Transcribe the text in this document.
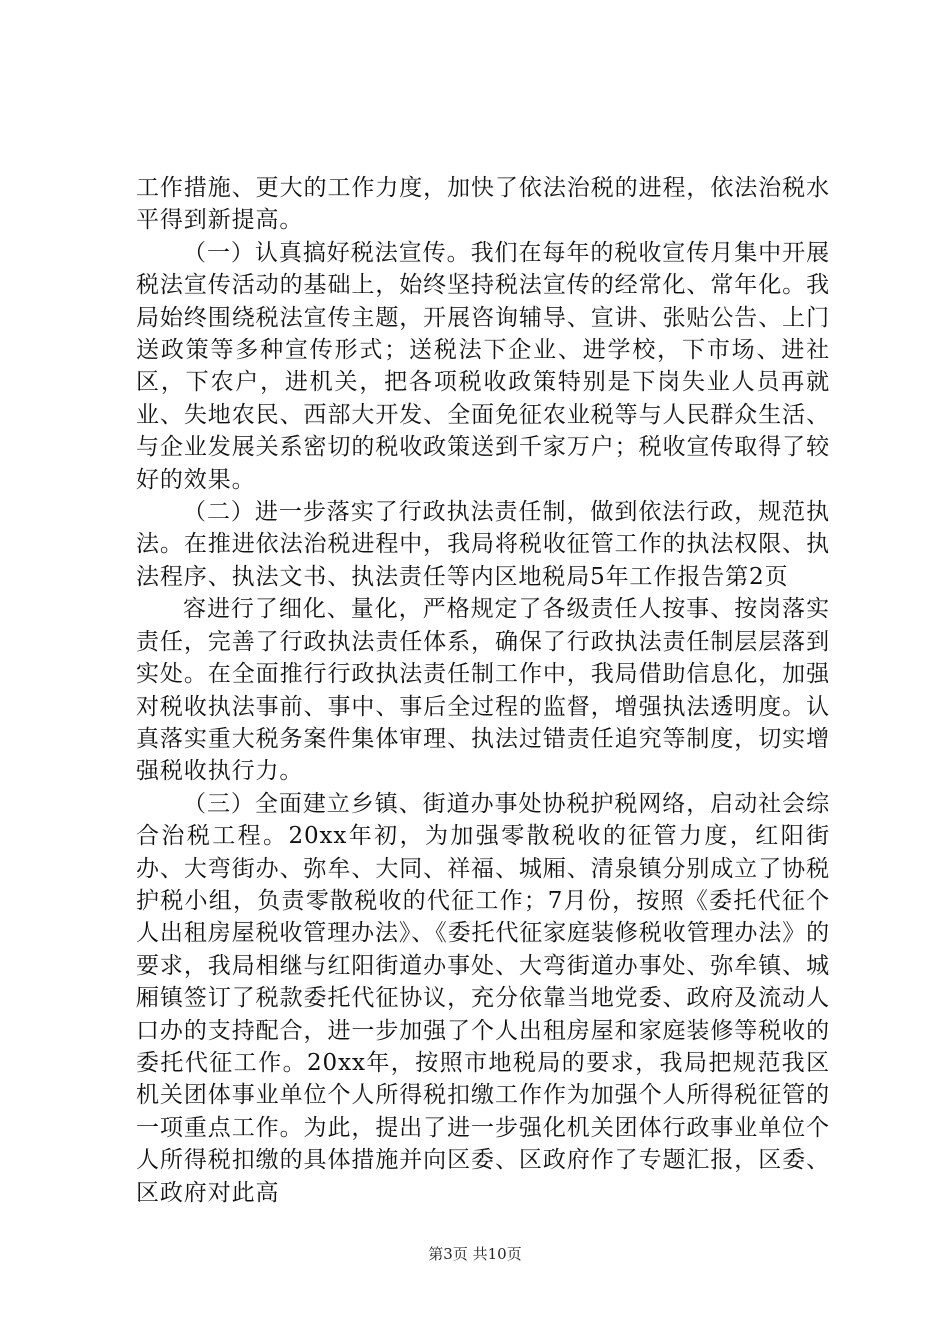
工作措施、更大的工作力度，加快了依法治税的进程，依法治税水平得到新提高。

（一）认真搞好税法宣传。我们在每年的税收宣传月集中开展税法宣传活动的基础上，始终坚持税法宣传的经常化、常年化。我局始终围绕税法宣传主题，开展咨询辅导、宣讲、张贴公告、上门送政策等多种宣传形式；送税法下企业、进学校，下市场、进社区，下农户，进机关，把各项税收政策特别是下岗失业人员再就业、失地农民、西部大开发、全面免征农业税等与人民群众生活、与企业发展关系密切的税收政策送到千家万户；税收宣传取得了较好的效果。

（二）进一步落实了行政执法责任制，做到依法行政，规范执法。在推进依法治税进程中，我局将税收征管工作的执法权限、执法程序、执法文书、执法责任等内区地税局5年工作报告第2页

容进行了细化、量化，严格规定了各级责任人按事、按岗落实责任，完善了行政执法责任体系，确保了行政执法责任制层层落到实处。在全面推行行政执法责任制工作中，我局借助信息化，加强对税收执法事前、事中、事后全过程的监督，增强执法透明度。认真落实重大税务案件集体审理、执法过错责任追究等制度，切实增强税收执行力。

（三）全面建立乡镇、街道办事处协税护税网络，启动社会综合治税工程。20xx年初，为加强零散税收的征管力度，红阳街办、大弯街办、弥牟、大同、祥福、城厢、清泉镇分别成立了协税护税小组，负责零散税收的代征工作；7月份，按照《委托代征个人出租房屋税收管理办法》、《委托代征家庭装修税收管理办法》的要求，我局相继与红阳街道办事处、大弯街道办事处、弥牟镇、城厢镇签订了税款委托代征协议，充分依靠当地党委、政府及流动人口办的支持配合，进一步加强了个人出租房屋和家庭装修等税收的委托代征工作。20xx年，按照市地税局的要求，我局把规范我区机关团体事业单位个人所得税扣缴工作作为加强个人所得税征管的一项重点工作。为此，提出了进一步强化机关团体行政事业单位个人所得税扣缴的具体措施并向区委、区政府作了专题汇报，区委、区政府对此高

第3页 共10页
